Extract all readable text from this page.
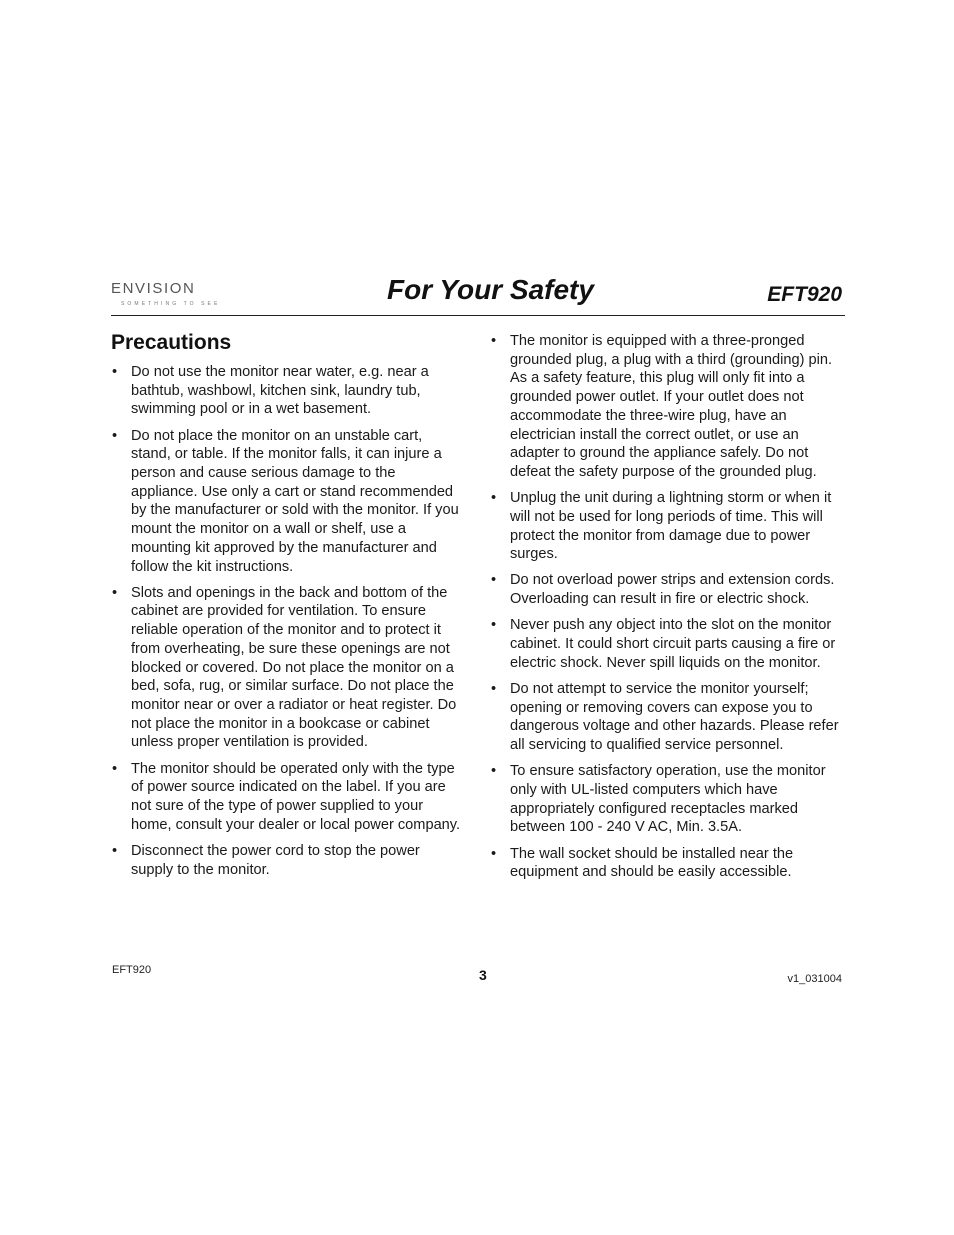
ENVISION
SOMETHING TO SEE	For Your Safety	EFT920
Precautions
• Do not use the monitor near water, e.g. near a bathtub, washbowl, kitchen sink, laundry tub, swimming pool or in a wet basement.
• Do not place the monitor on an unstable cart, stand, or table. If the monitor falls, it can injure a person and cause serious damage to the appliance. Use only a cart or stand recommended by the manufacturer or sold with the monitor. If you mount the monitor on a wall or shelf, use a mounting kit approved by the manufacturer and follow the kit instructions.
• Slots and openings in the back and bottom of the cabinet are provided for ventilation. To ensure reliable operation of the monitor and to protect it from overheating, be sure these openings are not blocked or covered. Do not place the monitor on a bed, sofa, rug, or similar surface. Do not place the monitor near or over a radiator or heat register. Do not place the monitor in a bookcase or cabinet unless proper ventilation is provided.
• The monitor should be operated only with the type of power source indicated on the label. If you are not sure of the type of power supplied to your home, consult your dealer or local power company.
• Disconnect the power cord to stop the power supply to the monitor.
• The monitor is equipped with a three-pronged grounded plug, a plug with a third (grounding) pin. As a safety feature, this plug will only fit into a grounded power outlet. If your outlet does not accommodate the three-wire plug, have an electrician install the correct outlet, or use an adapter to ground the appliance safely. Do not defeat the safety purpose of the grounded plug.
• Unplug the unit during a lightning storm or when it will not be used for long periods of time. This will protect the monitor from damage due to power surges.
• Do not overload power strips and extension cords. Overloading can result in fire or electric shock.
• Never push any object into the slot on the monitor cabinet. It could short circuit parts causing a fire or electric shock. Never spill liquids on the monitor.
• Do not attempt to service the monitor yourself; opening or removing covers can expose you to dangerous voltage and other hazards. Please refer all servicing to qualified service personnel.
• To ensure satisfactory operation, use the monitor only with UL-listed computers which have appropriately configured receptacles marked between 100 - 240 V AC, Min. 3.5A.
• The wall socket should be installed near the equipment and should be easily accessible.
EFT920	3	v1_031004
